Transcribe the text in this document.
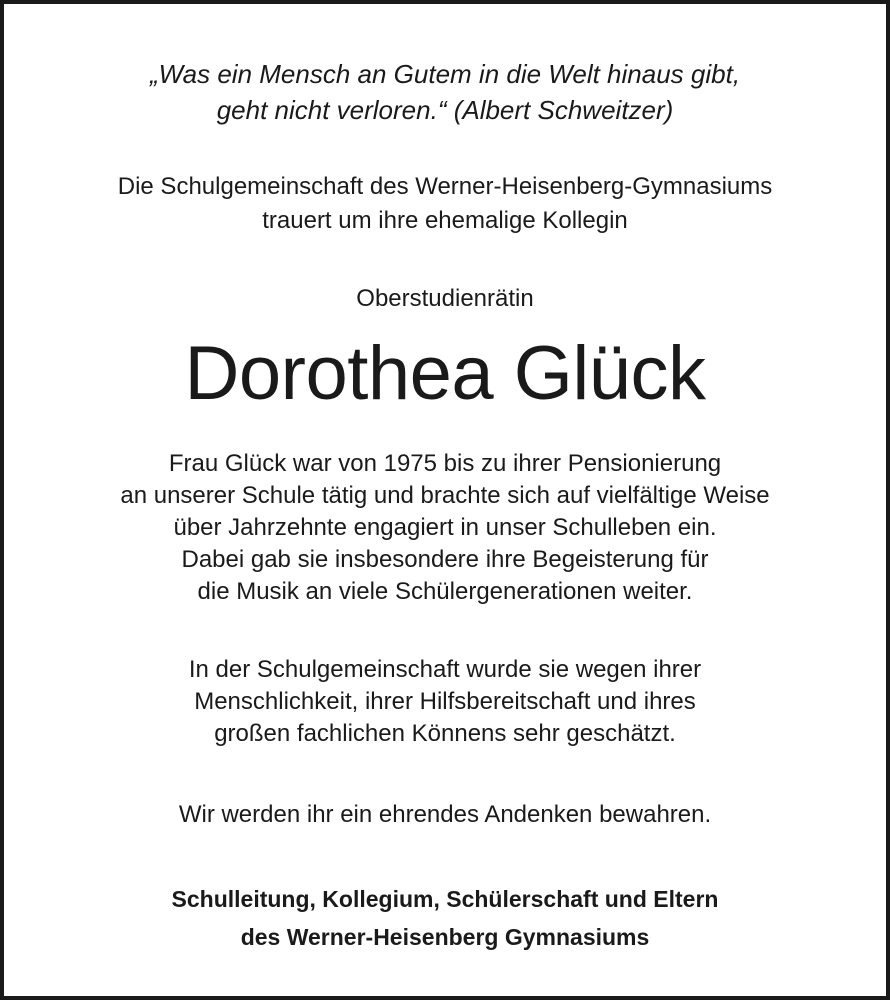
„Was ein Mensch an Gutem in die Welt hinaus gibt,
geht nicht verloren.“ (Albert Schweitzer)
Die Schulgemeinschaft des Werner-Heisenberg-Gymnasiums
trauert um ihre ehemalige Kollegin
Oberstudienrätin
Dorothea Glück
Frau Glück war von 1975 bis zu ihrer Pensionierung
an unserer Schule tätig und brachte sich auf vielfältige Weise
über Jahrzehnte engagiert in unser Schulleben ein.
Dabei gab sie insbesondere ihre Begeisterung für
die Musik an viele Schülergenerationen weiter.
In der Schulgemeinschaft wurde sie wegen ihrer
Menschlichkeit, ihrer Hilfsbereitschaft und ihres
großen fachlichen Könnens sehr geschätzt.
Wir werden ihr ein ehrendes Andenken bewahren.
Schulleitung, Kollegium, Schülerschaft und Eltern
des Werner-Heisenberg Gymnasiums
